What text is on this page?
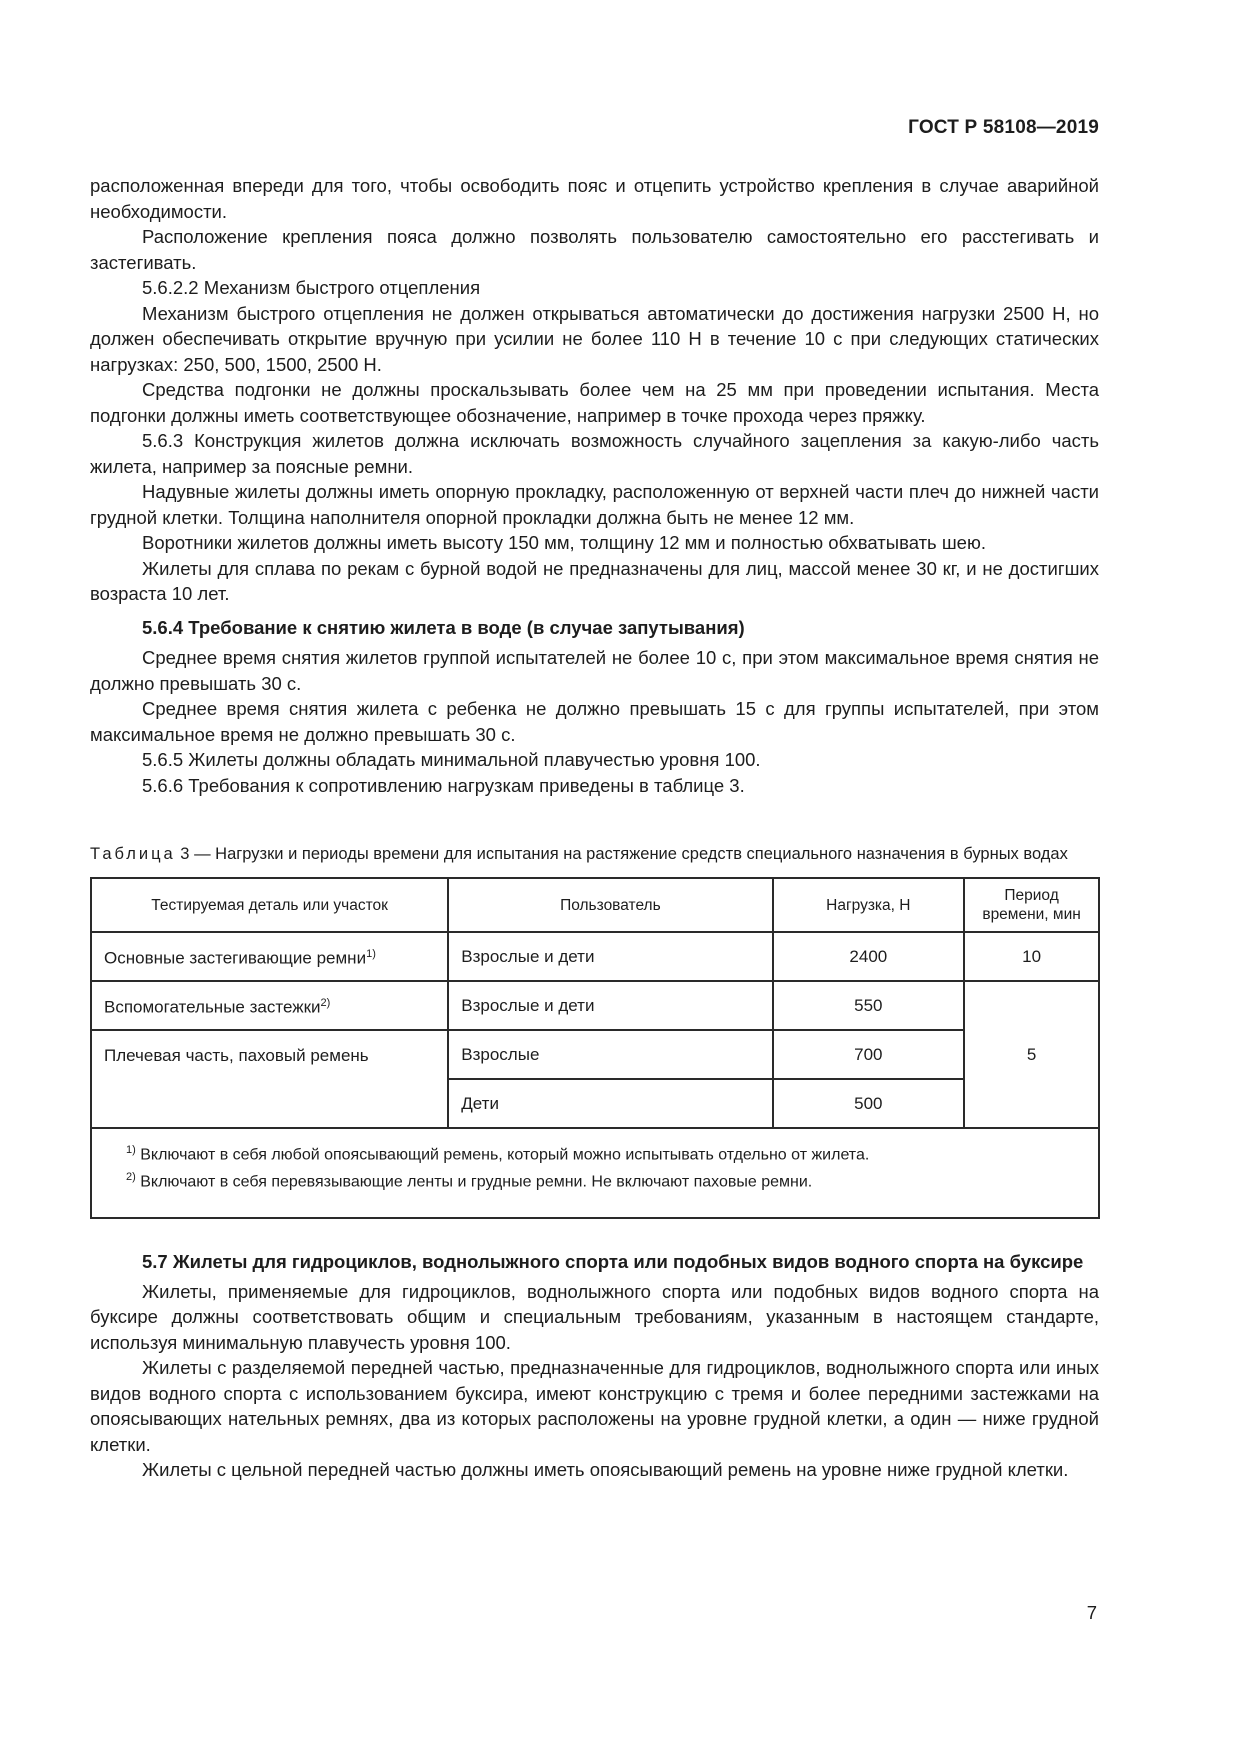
ГОСТ Р 58108—2019

расположенная впереди для того, чтобы освободить пояс и отцепить устройство крепления в случае аварийной необходимости.

Расположение крепления пояса должно позволять пользователю самостоятельно его расстегивать и застегивать.

5.6.2.2 Механизм быстрого отцепления

Механизм быстрого отцепления не должен открываться автоматически до достижения нагрузки 2500 Н, но должен обеспечивать открытие вручную при усилии не более 110 Н в течение 10 с при следующих статических нагрузках: 250, 500, 1500, 2500 Н.

Средства подгонки не должны проскальзывать более чем на 25 мм при проведении испытания. Места подгонки должны иметь соответствующее обозначение, например в точке прохода через пряжку.

5.6.3 Конструкция жилетов должна исключать возможность случайного зацепления за какую-либо часть жилета, например за поясные ремни.

Надувные жилеты должны иметь опорную прокладку, расположенную от верхней части плеч до нижней части грудной клетки. Толщина наполнителя опорной прокладки должна быть не менее 12 мм.

Воротники жилетов должны иметь высоту 150 мм, толщину 12 мм и полностью обхватывать шею.

Жилеты для сплава по рекам с бурной водой не предназначены для лиц, массой менее 30 кг, и не достигших возраста 10 лет.

5.6.4 Требование к снятию жилета в воде (в случае запутывания)

Среднее время снятия жилетов группой испытателей не более 10 с, при этом максимальное время снятия не должно превышать 30 с.

Среднее время снятия жилета с ребенка не должно превышать 15 с для группы испытателей, при этом максимальное время не должно превышать 30 с.

5.6.5 Жилеты должны обладать минимальной плавучестью уровня 100.

5.6.6 Требования к сопротивлению нагрузкам приведены в таблице 3.

Таблица 3 — Нагрузки и периоды времени для испытания на растяжение средств специального назначения в бурных водах
Тестируемая деталь или участок	Пользователь	Нагрузка, Н	Период времени, мин
Основные застегивающие ремни$^{1)}$	Взрослые и дети	2400	10
Вспомогательные застежки$^{2)}$	Взрослые и дети	550	5
Плечевая часть, паховый ремень	Взрослые	700	
	Дети	500	

$^{1)}$ Включают в себя любой опоясывающий ремень, который можно испытывать отдельно от жилета.
$^{2)}$ Включают в себя перевязывающие ленты и грудные ремни. Не включают паховые ремни.			
5.7 Жилеты для гидроциклов, воднолыжного спорта или подобных видов водного спорта на буксире

Жилеты, применяемые для гидроциклов, воднолыжного спорта или подобных видов водного спорта на буксире должны соответствовать общим и специальным требованиям, указанным в настоящем стандарте, используя минимальную плавучесть уровня 100.

Жилеты с разделяемой передней частью, предназначенные для гидроциклов, воднолыжного спорта или иных видов водного спорта с использованием буксира, имеют конструкцию с тремя и более передними застежками на опоясывающих нательных ремнях, два из которых расположены на уровне грудной клетки, а один — ниже грудной клетки.

Жилеты с цельной передней частью должны иметь опоясывающий ремень на уровне ниже грудной клетки.

7
